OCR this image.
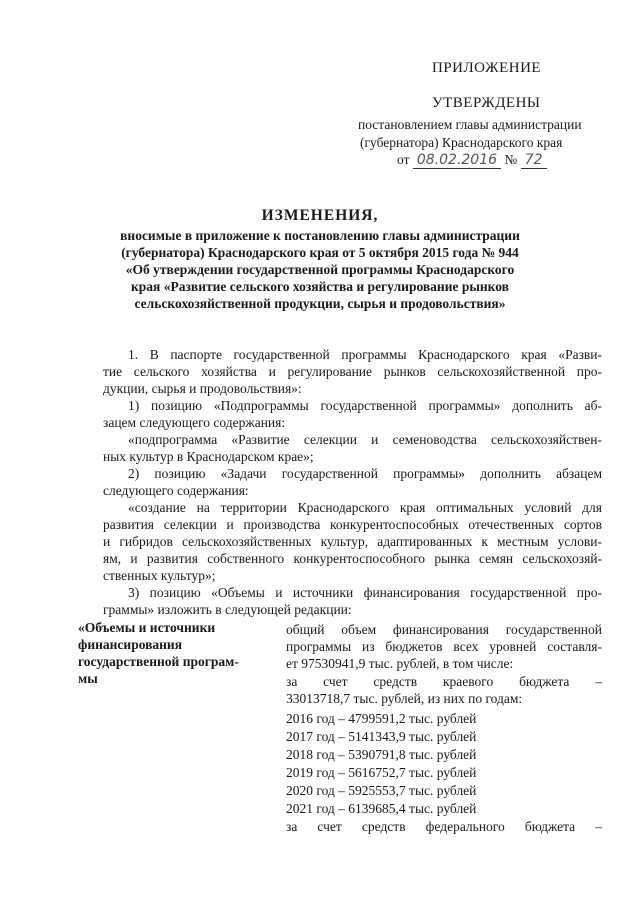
ПРИЛОЖЕНИЕ
УТВЕРЖДЕНЫ
постановлением главы администрации
(губернатора) Краснодарского края
от 08.02.2016 № 72
ИЗМЕНЕНИЯ,
вносимые в приложение к постановлению главы администрации
(губернатора) Краснодарского края от 5 октября 2015 года № 944
«Об утверждении государственной программы Краснодарского
края «Развитие сельского хозяйства и регулирование рынков
сельскохозяйственной продукции, сырья и продовольствия»
1. В паспорте государственной программы Краснодарского края «Разви-
тие сельского хозяйства и регулирование рынков сельскохозяйственной про-
дукции, сырья и продовольствия»:
1) позицию «Подпрограммы государственной программы» дополнить аб-
зацем следующего содержания:
«подпрограмма «Развитие селекции и семеноводства сельскохозяйствен-
ных культур в Краснодарском крае»;
2) позицию «Задачи государственной программы» дополнить абзацем
следующего содержания:
«создание на территории Краснодарского края оптимальных условий для
развития селекции и производства конкурентоспособных отечественных сортов
и гибридов сельскохозяйственных культур, адаптированных к местным услови-
ям, и развития собственного конкурентоспособного рынка семян сельскохозяй-
ственных культур»;
3) позицию «Объемы и источники финансирования государственной про-
граммы» изложить в следующей редакции:
«Объемы и источники
финансирования
государственной програм-
мы
общий объем финансирования государственной
программы из бюджетов всех уровней составля-
ет 97530941,9 тыс. рублей, в том числе:
за счет средств краевого бюджета –
33013718,7 тыс. рублей, из них по годам:
2016 год – 4799591,2 тыс. рублей
2017 год – 5141343,9 тыс. рублей
2018 год – 5390791,8 тыс. рублей
2019 год – 5616752,7 тыс. рублей
2020 год – 5925553,7 тыс. рублей
2021 год – 6139685,4 тыс. рублей
за счет средств федерального бюджета –
